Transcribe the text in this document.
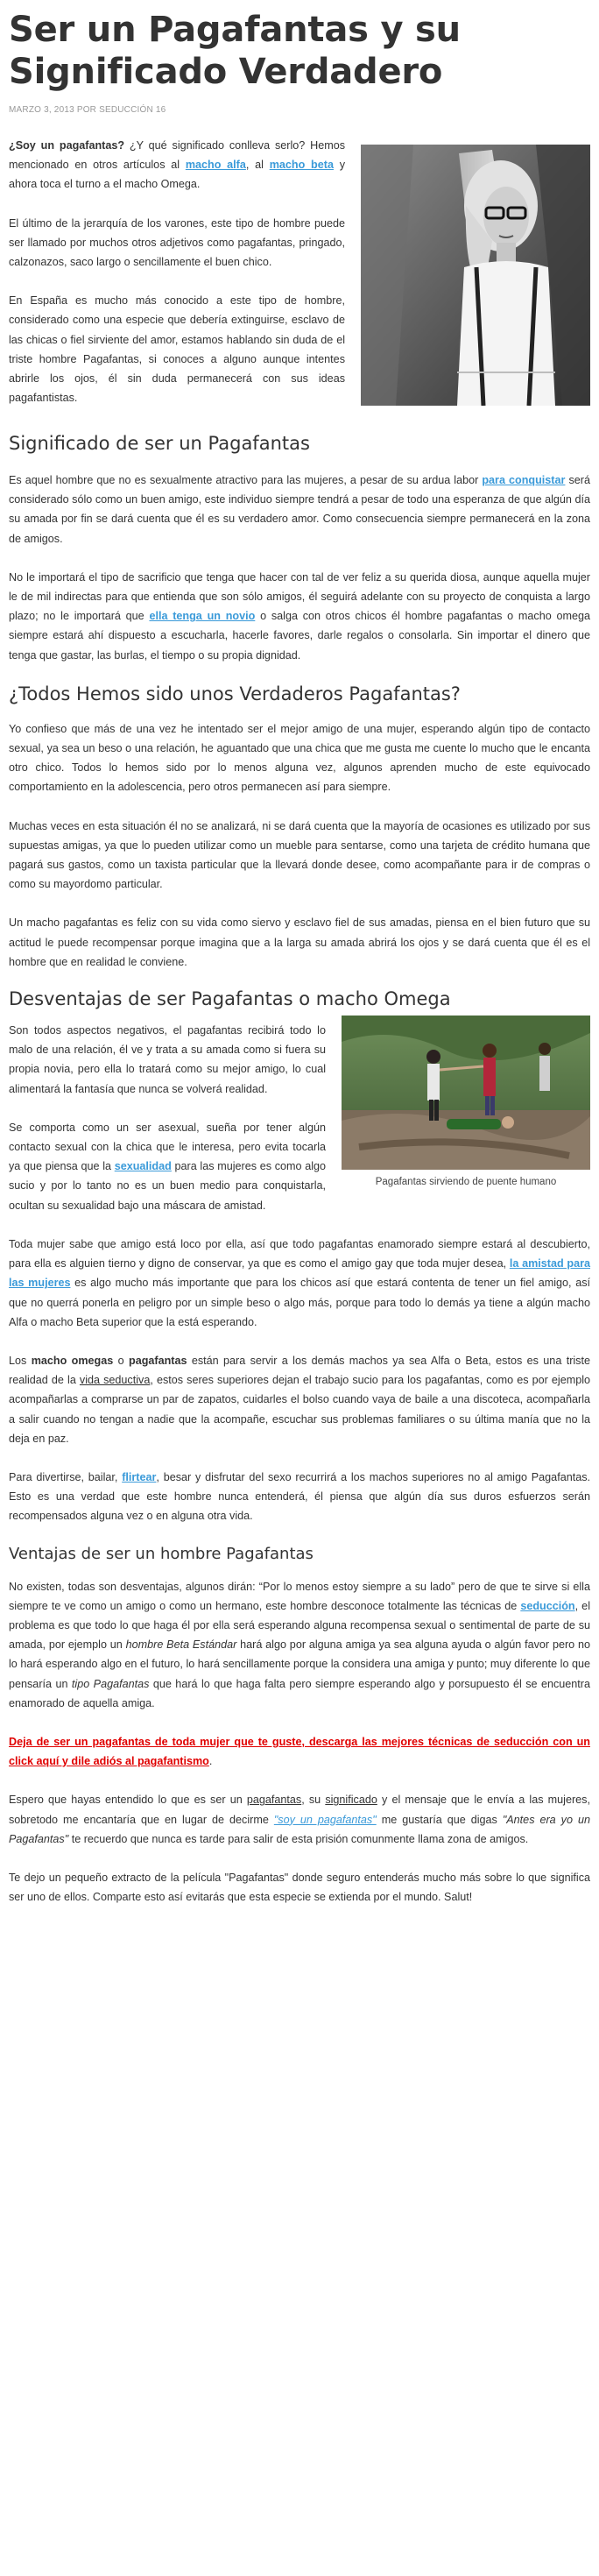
Ser un Pagafantas y su Significado Verdadero
MARZO 3, 2013 POR SEDUCCIÓN 16

¿Soy un pagafantas? ¿Y qué significado conlleva serlo? Hemos mencionado en otros artículos al macho alfa, al macho beta y ahora toca el turno a el macho Omega.

El último de la jerarquía de los varones, este tipo de hombre puede ser llamado por muchos otros adjetivos como pagafantas, pringado, calzonazos, saco largo o sencillamente el buen chico.

En España es mucho más conocido a este tipo de hombre, considerado como una especie que debería extinguirse, esclavo de las chicas o fiel sirviente del amor, estamos hablando sin duda de el triste hombre Pagafantas, si conoces a alguno aunque intentes abrirle los ojos, él sin duda permanecerá con sus ideas pagafantistas.

Significado de ser un Pagafantas

Es aquel hombre que no es sexualmente atractivo para las mujeres, a pesar de su ardua labor para conquistar será considerado sólo como un buen amigo, este individuo siempre tendrá a pesar de todo una esperanza de que algún día su amada por fin se dará cuenta que él es su verdadero amor. Como consecuencia siempre permanecerá en la zona de amigos.

No le importará el tipo de sacrificio que tenga que hacer con tal de ver feliz a su querida diosa, aunque aquella mujer le de mil indirectas para que entienda que son sólo amigos, él seguirá adelante con su proyecto de conquista a largo plazo; no le importará que ella tenga un novio o salga con otros chicos él hombre pagafantas o macho omega siempre estará ahí dispuesto a escucharla, hacerle favores, darle regalos o consolarla. Sin importar el dinero que tenga que gastar, las burlas, el tiempo o su propia dignidad.

¿Todos Hemos sido unos Verdaderos Pagafantas?

Yo confieso que más de una vez he intentado ser el mejor amigo de una mujer, esperando algún tipo de contacto sexual, ya sea un beso o una relación, he aguantado que una chica que me gusta me cuente lo mucho que le encanta otro chico. Todos lo hemos sido por lo menos alguna vez, algunos aprenden mucho de este equivocado comportamiento en la adolescencia, pero otros permanecen así para siempre.

Muchas veces en esta situación él no se analizará, ni se dará cuenta que la mayoría de ocasiones es utilizado por sus supuestas amigas, ya que lo pueden utilizar como un mueble para sentarse, como una tarjeta de crédito humana que pagará sus gastos, como un taxista particular que la llevará donde desee, como acompañante para ir de compras o como su mayordomo particular.

Un macho pagafantas es feliz con su vida como siervo y esclavo fiel de sus amadas, piensa en el bien futuro que su actitud le puede recompensar porque imagina que a la larga su amada abrirá los ojos y se dará cuenta que él es el hombre que en realidad le conviene.

Desventajas de ser Pagafantas o macho Omega
Pagafantas sirviendo de puente humano

Son todos aspectos negativos, el pagafantas recibirá todo lo malo de una relación, él ve y trata a su amada como si fuera su propia novia, pero ella lo tratará como su mejor amigo, lo cual alimentará la fantasía que nunca se volverá realidad.

Se comporta como un ser asexual, sueña por tener algún contacto sexual con la chica que le interesa, pero evita tocarla ya que piensa que la sexualidad para las mujeres es como algo sucio y por lo tanto no es un buen medio para conquistarla, ocultan su sexualidad bajo una máscara de amistad.

Toda mujer sabe que amigo está loco por ella, así que todo pagafantas enamorado siempre estará al descubierto, para ella es alguien tierno y digno de conservar, ya que es como el amigo gay que toda mujer desea, la amistad para las mujeres es algo mucho más importante que para los chicos así que estará contenta de tener un fiel amigo, así que no querrá ponerla en peligro por un simple beso o algo más, porque para todo lo demás ya tiene a algún macho Alfa o macho Beta superior que la está esperando.

Los macho omegas o pagafantas están para servir a los demás machos ya sea Alfa o Beta, estos es una triste realidad de la vida seductiva, estos seres superiores dejan el trabajo sucio para los pagafantas, como es por ejemplo acompañarlas a comprarse un par de zapatos, cuidarles el bolso cuando vaya de baile a una discoteca, acompañarla a salir cuando no tengan a nadie que la acompañe, escuchar sus problemas familiares o su última manía que no la deja en paz.

Para divertirse, bailar, flirtear, besar y disfrutar del sexo recurrirá a los machos superiores no al amigo Pagafantas. Esto es una verdad que este hombre nunca entenderá, él piensa que algún día sus duros esfuerzos serán recompensados alguna vez o en alguna otra vida.

Ventajas de ser un hombre Pagafantas

No existen, todas son desventajas, algunos dirán: “Por lo menos estoy siempre a su lado” pero de que te sirve si ella siempre te ve como un amigo o como un hermano, este hombre desconoce totalmente las técnicas de seducción, el problema es que todo lo que haga él por ella será esperando alguna recompensa sexual o sentimental de parte de su amada, por ejemplo un hombre Beta Estándar hará algo por alguna amiga ya sea alguna ayuda o algún favor pero no lo hará esperando algo en el futuro, lo hará sencillamente porque la considera una amiga y punto; muy diferente lo que pensaría un tipo Pagafantas que hará lo que haga falta pero siempre esperando algo y porsupuesto él se encuentra enamorado de aquella amiga.

Deja de ser un pagafantas de toda mujer que te guste, descarga las mejores técnicas de seducción con un click aquí y dile adiós al pagafantismo.

Espero que hayas entendido lo que es ser un pagafantas, su significado y el mensaje que le envía a las mujeres, sobretodo me encantaría que en lugar de decirme "soy un pagafantas" me gustaría que digas "Antes era yo un Pagafantas" te recuerdo que nunca es tarde para salir de esta prisión comunmente llama zona de amigos.

Te dejo un pequeño extracto de la película "Pagafantas" donde seguro entenderás mucho más sobre lo que significa ser uno de ellos. Comparte esto así evitarás que esta especie se extienda por el mundo. Salut!
